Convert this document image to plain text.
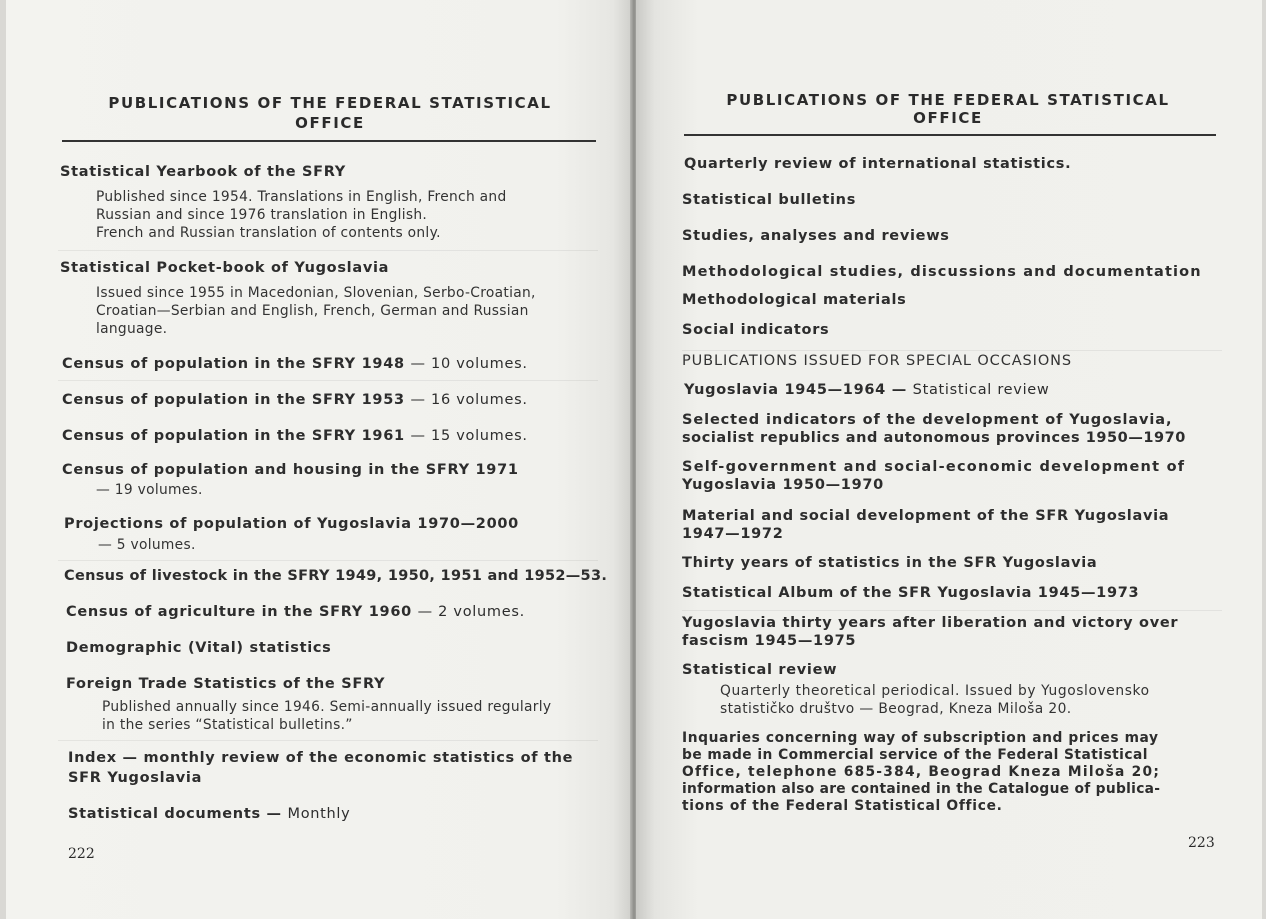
PUBLICATIONS OF THE FEDERAL STATISTICAL
OFFICE
Statistical Yearbook of the SFRY
Published since 1954. Translations in English, French and
Russian and since 1976 translation in English.
French and Russian translation of contents only.
Statistical Pocket-book of Yugoslavia
Issued since 1955 in Macedonian, Slovenian, Serbo-Croatian,
Croatian—Serbian and English, French, German and Russian
language.
Census of population in the SFRY 1948 — 10 volumes.
Census of population in the SFRY 1953 — 16 volumes.
Census of population in the SFRY 1961 — 15 volumes.
Census of population and housing in the SFRY 1971
— 19 volumes.
Projections of population of Yugoslavia 1970—2000
— 5 volumes.
Census of livestock in the SFRY 1949, 1950, 1951 and 1952—53.
Census of agriculture in the SFRY 1960 — 2 volumes.
Demographic (Vital) statistics
Foreign Trade Statistics of the SFRY
Published annually since 1946. Semi-annually issued regularly
in the series “Statistical bulletins.”
Index — monthly review of the economic statistics of the
SFR Yugoslavia
Statistical documents — Monthly
222
PUBLICATIONS OF THE FEDERAL STATISTICAL
OFFICE
Quarterly review of international statistics.
Statistical bulletins
Studies, analyses and reviews
Methodological studies, discussions and documentation
Methodological materials
Social indicators
PUBLICATIONS ISSUED FOR SPECIAL OCCASIONS
Yugoslavia 1945—1964 — Statistical review
Selected indicators of the development of Yugoslavia,
socialist republics and autonomous provinces 1950—1970
Self-government and social-economic development of
Yugoslavia 1950—1970
Material and social development of the SFR Yugoslavia
1947—1972
Thirty years of statistics in the SFR Yugoslavia
Statistical Album of the SFR Yugoslavia 1945—1973
Yugoslavia thirty years after liberation and victory over
fascism 1945—1975
Statistical review
Quarterly theoretical periodical. Issued by Yugoslovensko
statističko društvo — Beograd, Kneza Miloša 20.
Inquaries concerning way of subscription and prices may
be made in Commercial service of the Federal Statistical
Office, telephone 685-384, Beograd Kneza Miloša 20;
information also are contained in the Catalogue of publica-
tions of the Federal Statistical Office.
223
